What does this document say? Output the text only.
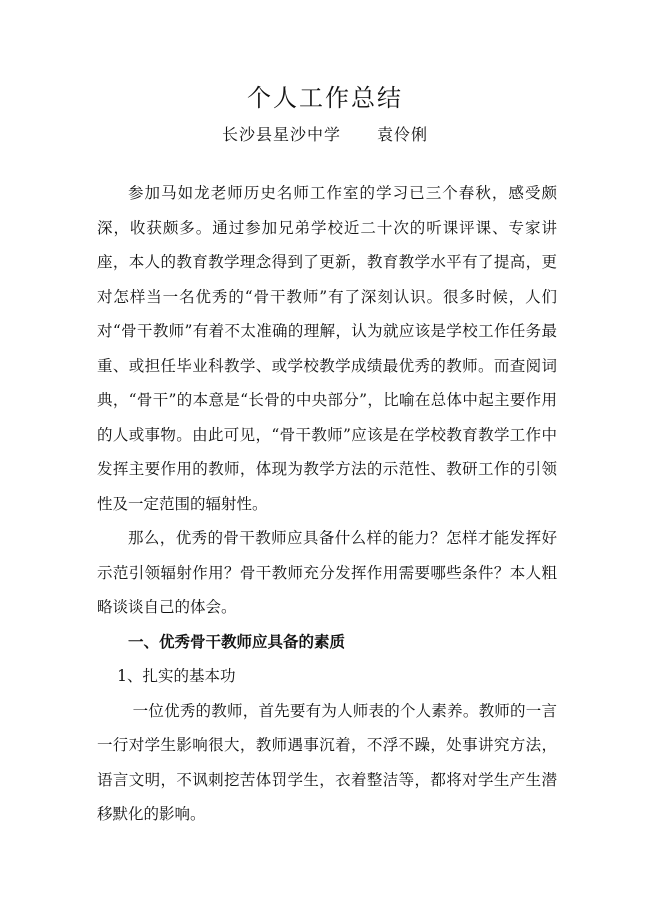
个人工作总结
长沙县星沙中学 袁伶俐

参加马如龙老师历史名师工作室的学习已三个春秋，感受颇深，收获颇多。通过参加兄弟学校近二十次的听课评课、专家讲座，本人的教育教学理念得到了更新，教育教学水平有了提高，更对怎样当一名优秀的“骨干教师”有了深刻认识。很多时候，人们对“骨干教师”有着不太准确的理解，认为就应该是学校工作任务最重、或担任毕业科教学、或学校教学成绩最优秀的教师。而查阅词典，“骨干”的本意是“长骨的中央部分”，比喻在总体中起主要作用的人或事物。由此可见，“骨干教师”应该是在学校教育教学工作中发挥主要作用的教师，体现为教学方法的示范性、教研工作的引领性及一定范围的辐射性。

那么，优秀的骨干教师应具备什么样的能力？怎样才能发挥好示范引领辐射作用？骨干教师充分发挥作用需要哪些条件？本人粗略谈谈自己的体会。

一、优秀骨干教师应具备的素质

1、扎实的基本功

一位优秀的教师，首先要有为人师表的个人素养。教师的一言一行对学生影响很大，教师遇事沉着，不浮不躁，处事讲究方法，语言文明，不讽刺挖苦体罚学生，衣着整洁等，都将对学生产生潜移默化的影响。
